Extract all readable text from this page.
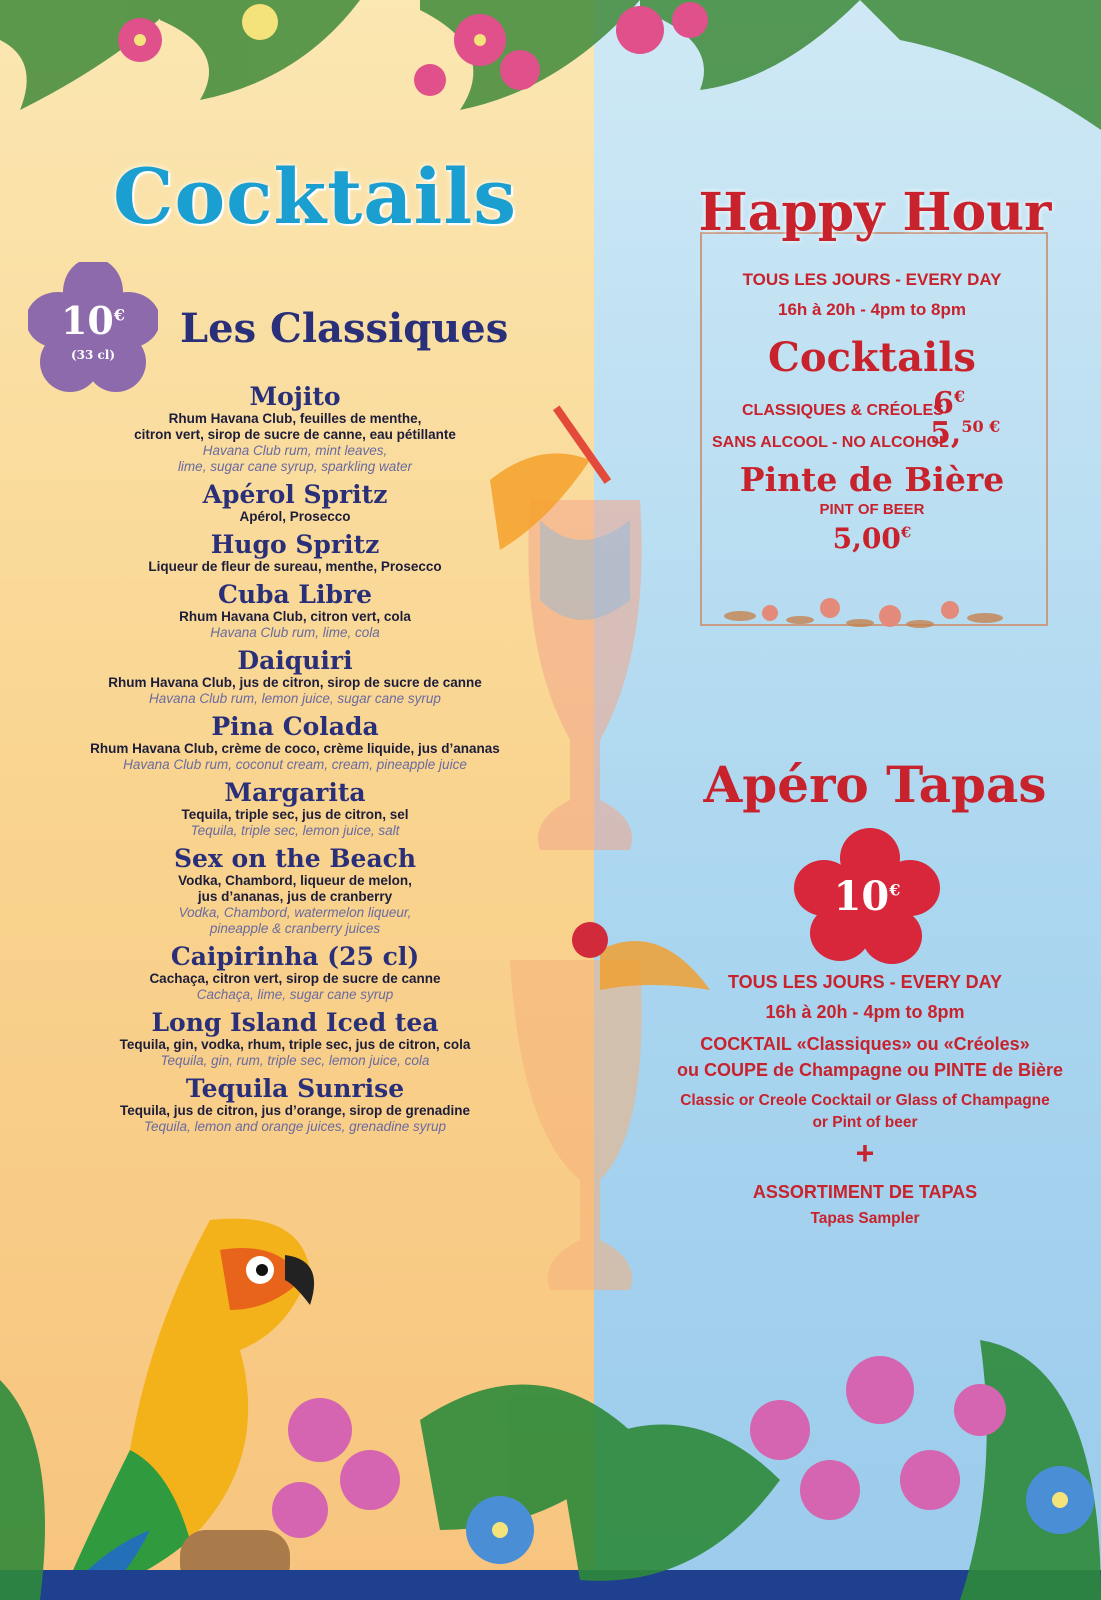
Cocktails
10€
(33 cl)
Les Classiques
Mojito
Rhum Havana Club, feuilles de menthe,
citron vert, sirop de sucre de canne, eau pétillante
Havana Club rum, mint leaves,
lime, sugar cane syrup, sparkling water
Apérol Spritz
Apérol, Prosecco
Hugo Spritz
Liqueur de fleur de sureau, menthe, Prosecco
Cuba Libre
Rhum Havana Club, citron vert, cola
Havana Club rum, lime, cola
Daiquiri
Rhum Havana Club, jus de citron, sirop de sucre de canne
Havana Club rum, lemon juice, sugar cane syrup
Pina Colada
Rhum Havana Club, crème de coco, crème liquide, jus d’ananas
Havana Club rum, coconut cream, cream, pineapple juice
Margarita
Tequila, triple sec, jus de citron, sel
Tequila, triple sec, lemon juice, salt
Sex on the Beach
Vodka, Chambord, liqueur de melon,
jus d’ananas, jus de cranberry
Vodka, Chambord, watermelon liqueur,
pineapple & cranberry juices
Caipirinha (25 cl)
Cachaça, citron vert, sirop de sucre de canne
Cachaça, lime, sugar cane syrup
Long Island Iced tea
Tequila, gin, vodka, rhum, triple sec, jus de citron, cola
Tequila, gin, rum, triple sec, lemon juice, cola
Tequila Sunrise
Tequila, jus de citron, jus d’orange, sirop de grenadine
Tequila, lemon and orange juices, grenadine syrup
Happy Hour
TOUS LES JOURS - EVERY DAY
16h à 20h - 4pm to 8pm
Cocktails
CLASSIQUES & CRÉOLES
6€
SANS ALCOOL - NO ALCOHOL
5,$^{50 €}$
Pinte de Bière
PINT OF BEER
5,00€
Apéro Tapas
10€
TOUS LES JOURS - EVERY DAY
16h à 20h - 4pm to 8pm
COCKTAIL «Classiques» ou «Créoles»
ou COUPE de Champagne ou PINTE de Bière
Classic or Creole Cocktail or Glass of Champagne
or Pint of beer
+
ASSORTIMENT DE TAPAS
Tapas Sampler
